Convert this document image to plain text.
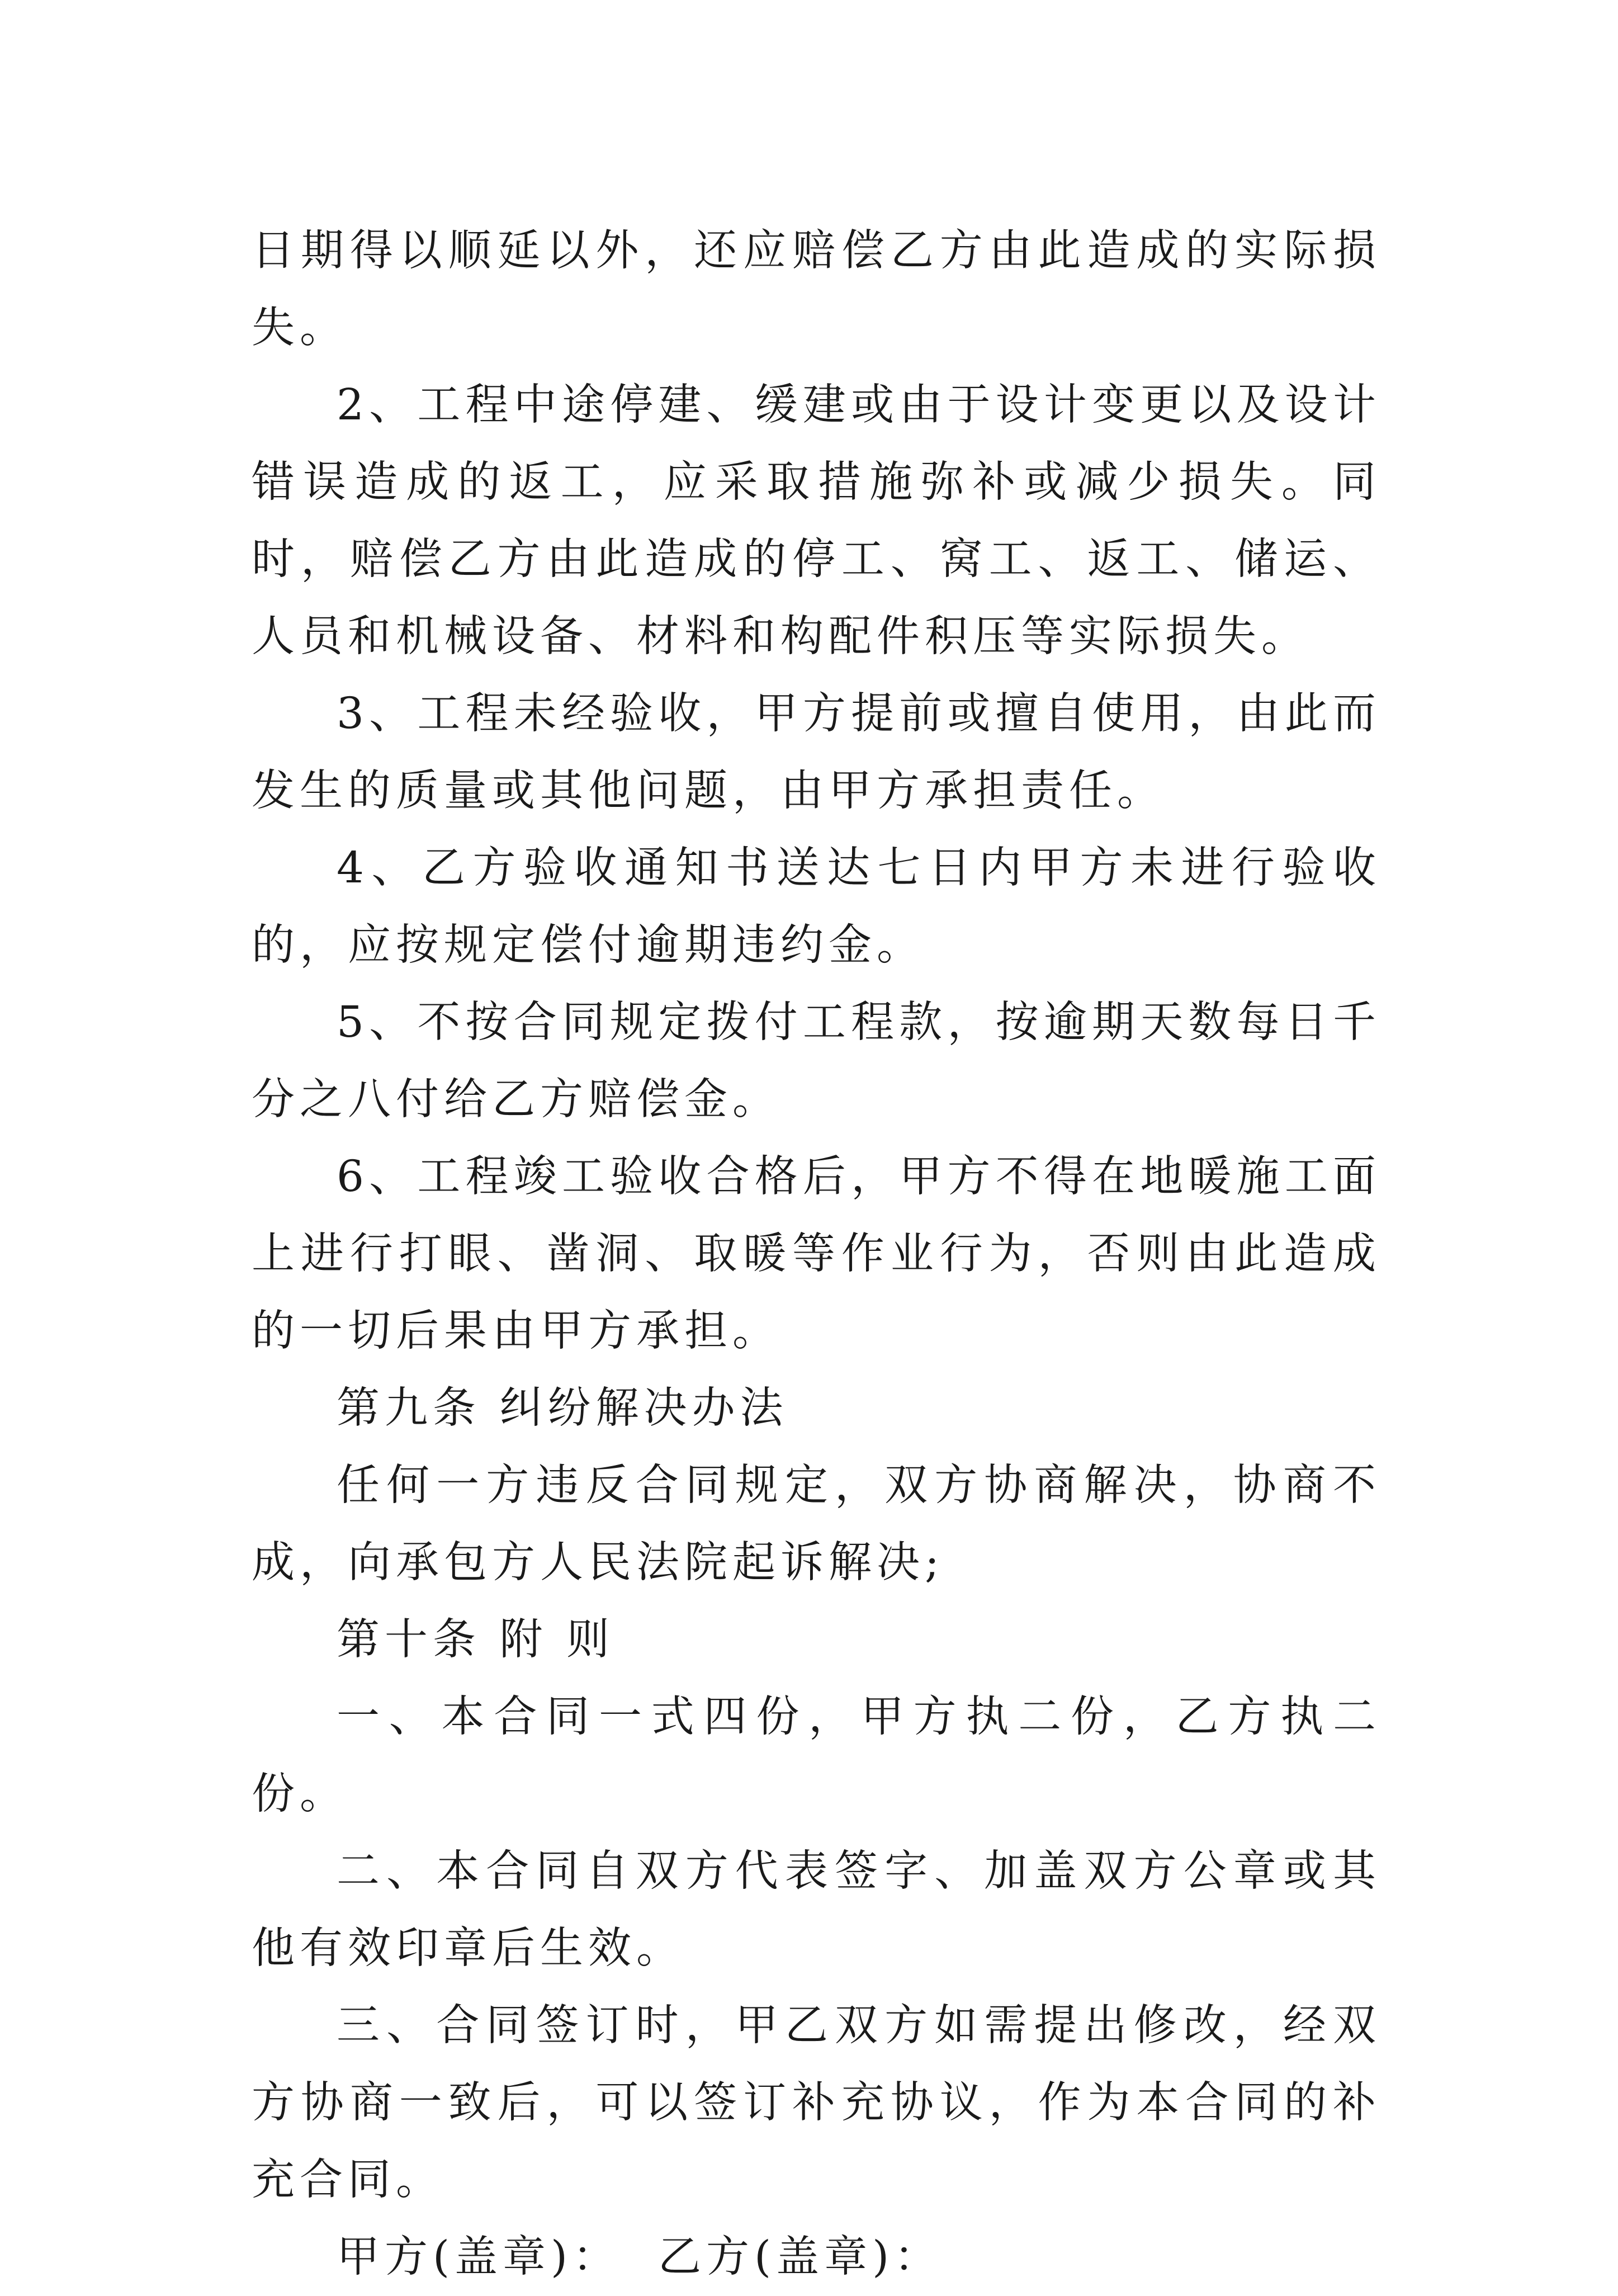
日期得以顺延以外，还应赔偿乙方由此造成的实际损失。

2、工程中途停建、缓建或由于设计变更以及设计错误造成的返工，应采取措施弥补或减少损失。同时，赔偿乙方由此造成的停工、窝工、返工、储运、人员和机械设备、材料和构配件积压等实际损失。

3、工程未经验收，甲方提前或擅自使用，由此而发生的质量或其他问题，由甲方承担责任。

4、乙方验收通知书送达七日内甲方未进行验收的，应按规定偿付逾期违约金。

5、不按合同规定拨付工程款，按逾期天数每日千分之八付给乙方赔偿金。

6、工程竣工验收合格后，甲方不得在地暖施工面上进行打眼、凿洞、取暖等作业行为，否则由此造成的一切后果由甲方承担。

第九条 纠纷解决办法

任何一方违反合同规定，双方协商解决，协商不成，向承包方人民法院起诉解决;

第十条 附 则

一、本合同一式四份，甲方执二份，乙方执二份。

二、本合同自双方代表签字、加盖双方公章或其他有效印章后生效。

三、合同签订时，甲乙双方如需提出修改，经双方协商一致后，可以签订补充协议，作为本合同的补充合同。

甲方(盖章)：  乙方(盖章)：
